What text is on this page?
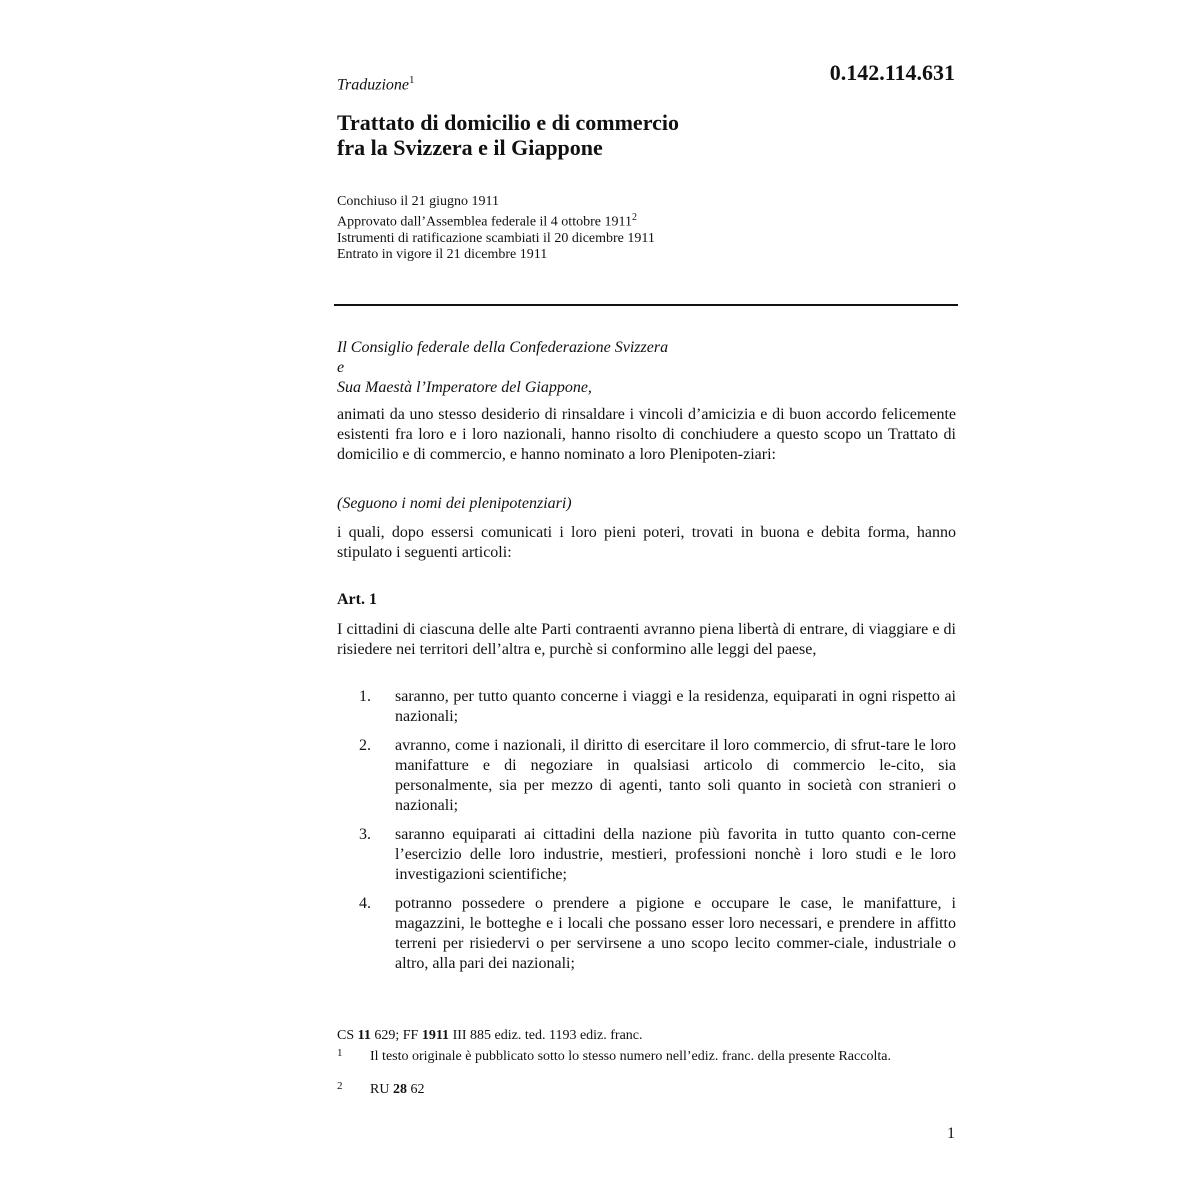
0.142.114.631
Traduzione$^1$
Trattato di domicilio e di commercio
fra la Svizzera e il Giappone
Conchiuso il 21 giugno 1911
Approvato dall’Assemblea federale il 4 ottobre 1911$^2$
Istrumenti di ratificazione scambiati il 20 dicembre 1911
Entrato in vigore il 21 dicembre 1911
Il Consiglio federale della Confederazione Svizzera
e
Sua Maestà l’Imperatore del Giappone,
animati da uno stesso desiderio di rinsaldare i vincoli d’amicizia e di buon accordo felicemente esistenti fra loro e i loro nazionali, hanno risolto di conchiudere a questo scopo un Trattato di domicilio e di commercio, e hanno nominato a loro Plenipoten-ziari:
(Seguono i nomi dei plenipotenziari)
i quali, dopo essersi comunicati i loro pieni poteri, trovati in buona e debita forma, hanno stipulato i seguenti articoli:
Art. 1
I cittadini di ciascuna delle alte Parti contraenti avranno piena libertà di entrare, di viaggiare e di risiedere nei territori dell’altra e, purchè si conformino alle leggi del paese,
1. saranno, per tutto quanto concerne i viaggi e la residenza, equiparati in ogni rispetto ai nazionali;
2. avranno, come i nazionali, il diritto di esercitare il loro commercio, di sfrut-tare le loro manifatture e di negoziare in qualsiasi articolo di commercio le-cito, sia personalmente, sia per mezzo di agenti, tanto soli quanto in società con stranieri o nazionali;
3. saranno equiparati ai cittadini della nazione più favorita in tutto quanto con-cerne l’esercizio delle loro industrie, mestieri, professioni nonchè i loro studi e le loro investigazioni scientifiche;
4. potranno possedere o prendere a pigione e occupare le case, le manifatture, i magazzini, le botteghe e i locali che possano esser loro necessari, e prendere in affitto terreni per risiedervi o per servirsene a uno scopo lecito commer-ciale, industriale o altro, alla pari dei nazionali;
CS 11 629; FF 1911 III 885 ediz. ted. 1193 ediz. franc.
1 Il testo originale è pubblicato sotto lo stesso numero nell’ediz. franc. della presente Raccolta.
2 RU 28 62
1
